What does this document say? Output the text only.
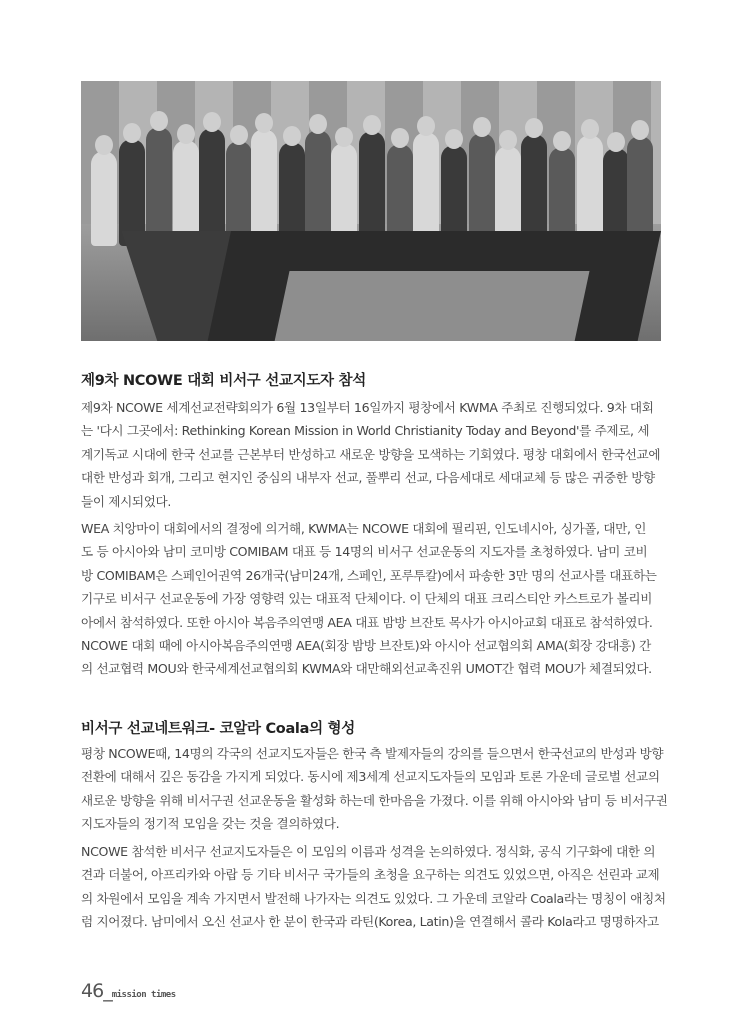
제9차 NCOWE 대회 비서구 선교지도자 참석
제9차 NCOWE 세계선교전략회의가 6월 13일부터 16일까지 평창에서 KWMA 주최로 진행되었다. 9차 대회
는 '다시 그곳에서: Rethinking Korean Mission in World Christianity Today and Beyond'를 주제로, 세
계기독교 시대에 한국 선교를 근본부터 반성하고 새로운 방향을 모색하는 기회였다. 평창 대회에서 한국선교에
대한 반성과 회개, 그리고 현지인 중심의 내부자 선교, 풀뿌리 선교, 다음세대로 세대교체 등 많은 귀중한 방향
들이 제시되었다.
WEA 치앙마이 대회에서의 결정에 의거해, KWMA는 NCOWE 대회에 필리핀, 인도네시아, 싱가폴, 대만, 인
도 등 아시아와 남미 코미방 COMIBAM 대표 등 14명의 비서구 선교운동의 지도자를 초청하였다. 남미 코비
방 COMIBAM은 스페인어권역 26개국(남미24개, 스페인, 포루투칼)에서 파송한 3만 명의 선교사를 대표하는
기구로 비서구 선교운동에 가장 영향력 있는 대표적 단체이다. 이 단체의 대표 크리스티안 카스트로가 볼리비
아에서 참석하였다. 또한 아시아 복음주의연맹 AEA 대표 밤방 브잔토 목사가 아시아교회 대표로 참석하였다.
NCOWE 대회 때에 아시아복음주의연맹 AEA(회장 밤방 브잔토)와 아시아 선교협의회 AMA(회장 강대흥) 간
의 선교협력 MOU와 한국세계선교협의회 KWMA와 대만해외선교촉진위 UMOT간 협력 MOU가 체결되었다.
비서구 선교네트워크- 코알라 Coala의 형성
평창 NCOWE때, 14명의 각국의 선교지도자들은 한국 측 발제자들의 강의를 들으면서 한국선교의 반성과 방향
전환에 대해서 깊은 동감을 가지게 되었다. 동시에 제3세계 선교지도자들의 모임과 토론 가운데 글로벌 선교의
새로운 방향을 위해 비서구권 선교운동을 활성화 하는데 한마음을 가졌다. 이를 위해 아시아와 남미 등 비서구권
지도자들의 정기적 모임을 갖는 것을 결의하였다.
NCOWE 참석한 비서구 선교지도자들은 이 모임의 이름과 성격을 논의하였다. 정식화, 공식 기구화에 대한 의
견과 더불어, 아프리카와 아랍 등 기타 비서구 국가들의 초청을 요구하는 의견도 있었으면, 아직은 선린과 교제
의 차원에서 모임을 계속 가지면서 발전해 나가자는 의견도 있었다. 그 가운데 코알라 Coala라는 명칭이 애칭처
럼 지어졌다. 남미에서 오신 선교사 한 분이 한국과 라틴(Korea, Latin)을 연결해서 콜라 Kola라고 명명하자고
46_mission times
